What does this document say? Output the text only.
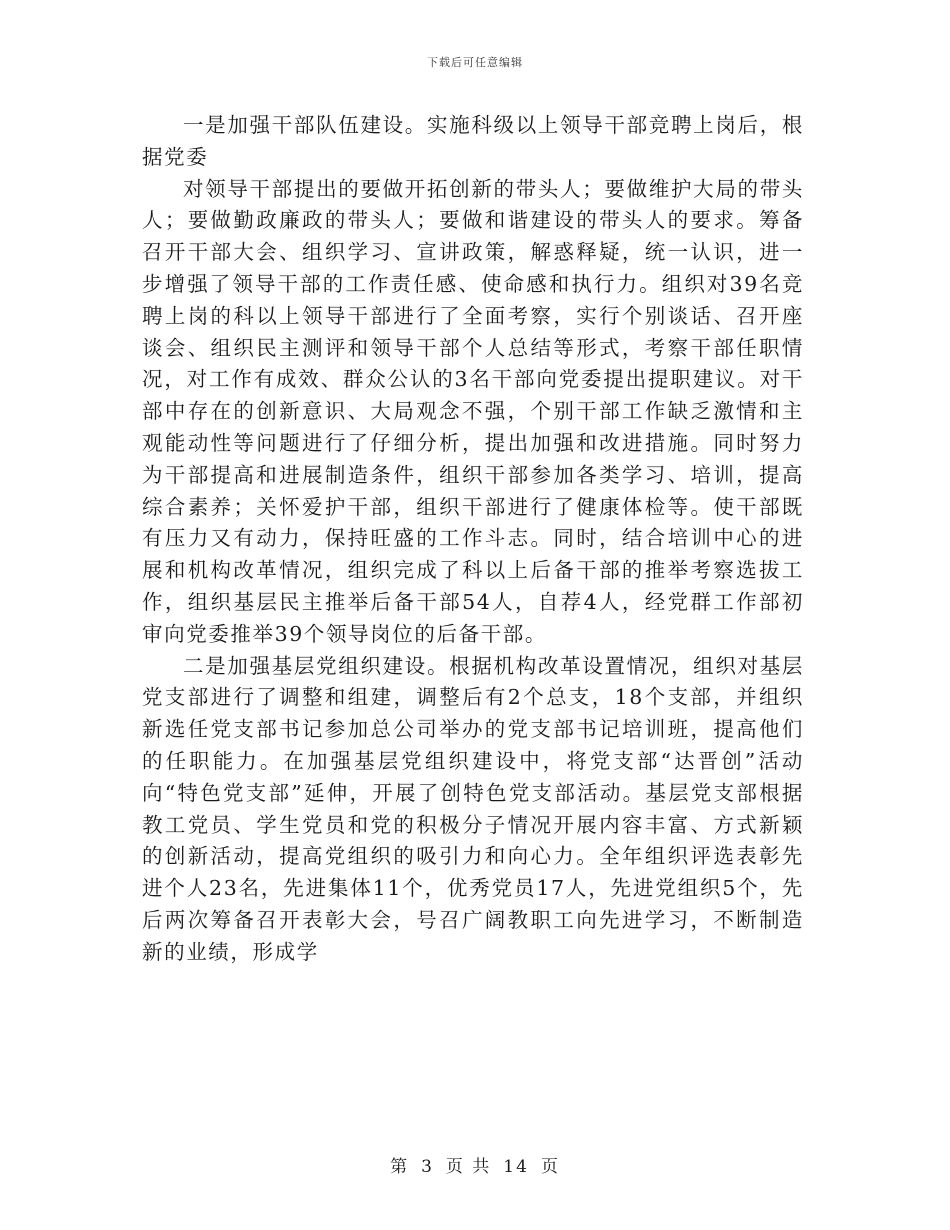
下载后可任意编辑

一是加强干部队伍建设。实施科级以上领导干部竞聘上岗后，根据党委

对领导干部提出的要做开拓创新的带头人；要做维护大局的带头人；要做勤政廉政的带头人；要做和谐建设的带头人的要求。筹备召开干部大会、组织学习、宣讲政策，解惑释疑，统一认识，进一步增强了领导干部的工作责任感、使命感和执行力。组织对39名竞聘上岗的科以上领导干部进行了全面考察，实行个别谈话、召开座谈会、组织民主测评和领导干部个人总结等形式，考察干部任职情况，对工作有成效、群众公认的3名干部向党委提出提职建议。对干部中存在的创新意识、大局观念不强，个别干部工作缺乏激情和主观能动性等问题进行了仔细分析，提出加强和改进措施。同时努力为干部提高和进展制造条件，组织干部参加各类学习、培训，提高综合素养；关怀爱护干部，组织干部进行了健康体检等。使干部既有压力又有动力，保持旺盛的工作斗志。同时，结合培训中心的进展和机构改革情况，组织完成了科以上后备干部的推举考察选拔工作，组织基层民主推举后备干部54人，自荐4人，经党群工作部初审向党委推举39个领导岗位的后备干部。

二是加强基层党组织建设。根据机构改革设置情况，组织对基层党支部进行了调整和组建，调整后有2个总支，18个支部，并组织新选任党支部书记参加总公司举办的党支部书记培训班，提高他们的任职能力。在加强基层党组织建设中，将党支部“达晋创”活动向“特色党支部”延伸，开展了创特色党支部活动。基层党支部根据教工党员、学生党员和党的积极分子情况开展内容丰富、方式新颖的创新活动，提高党组织的吸引力和向心力。全年组织评选表彰先进个人23名，先进集体11个，优秀党员17人，先进党组织5个，先后两次筹备召开表彰大会，号召广阔教职工向先进学习，不断制造新的业绩，形成学

第 3 页 共 14 页
